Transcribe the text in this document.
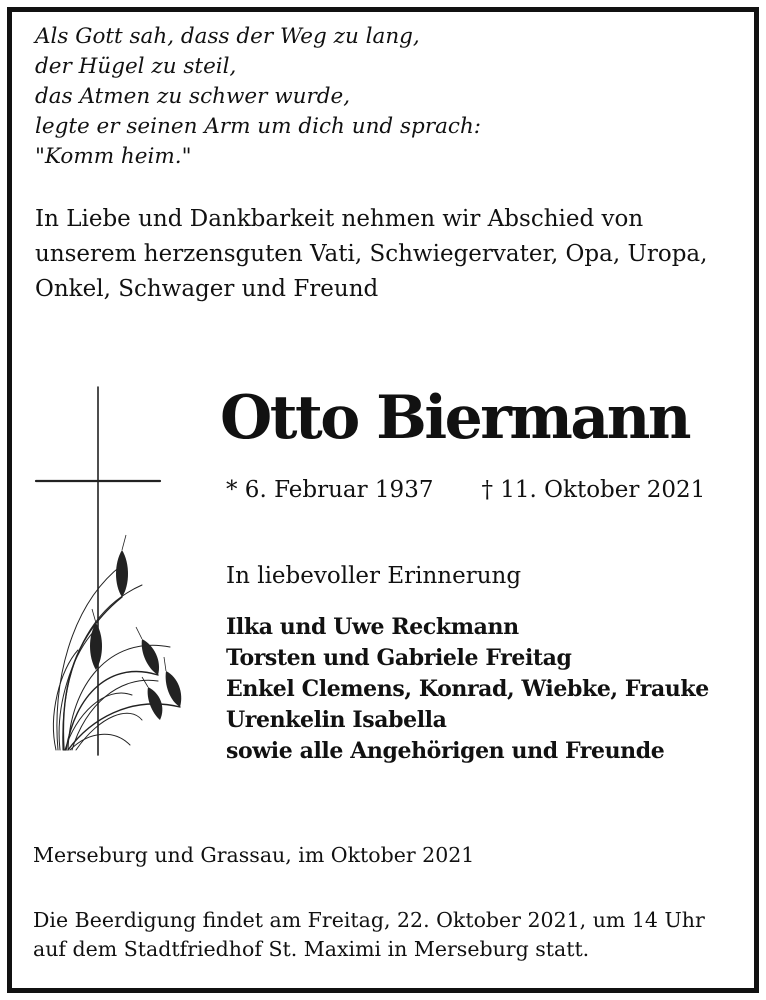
Als Gott sah, dass der Weg zu lang,
der Hügel zu steil,
das Atmen zu schwer wurde,
legte er seinen Arm um dich und sprach:
"Komm heim."
In Liebe und Dankbarkeit nehmen wir Abschied von
unserem herzensguten Vati, Schwiegervater, Opa, Uropa,
Onkel, Schwager und Freund
Otto Biermann
* 6. Februar 1937 † 11. Oktober 2021
In liebevoller Erinnerung
Ilka und Uwe Reckmann
Torsten und Gabriele Freitag
Enkel Clemens, Konrad, Wiebke, Frauke
Urenkelin Isabella
sowie alle Angehörigen und Freunde
Merseburg und Grassau, im Oktober 2021
Die Beerdigung findet am Freitag, 22. Oktober 2021, um 14 Uhr
auf dem Stadtfriedhof St. Maximi in Merseburg statt.
